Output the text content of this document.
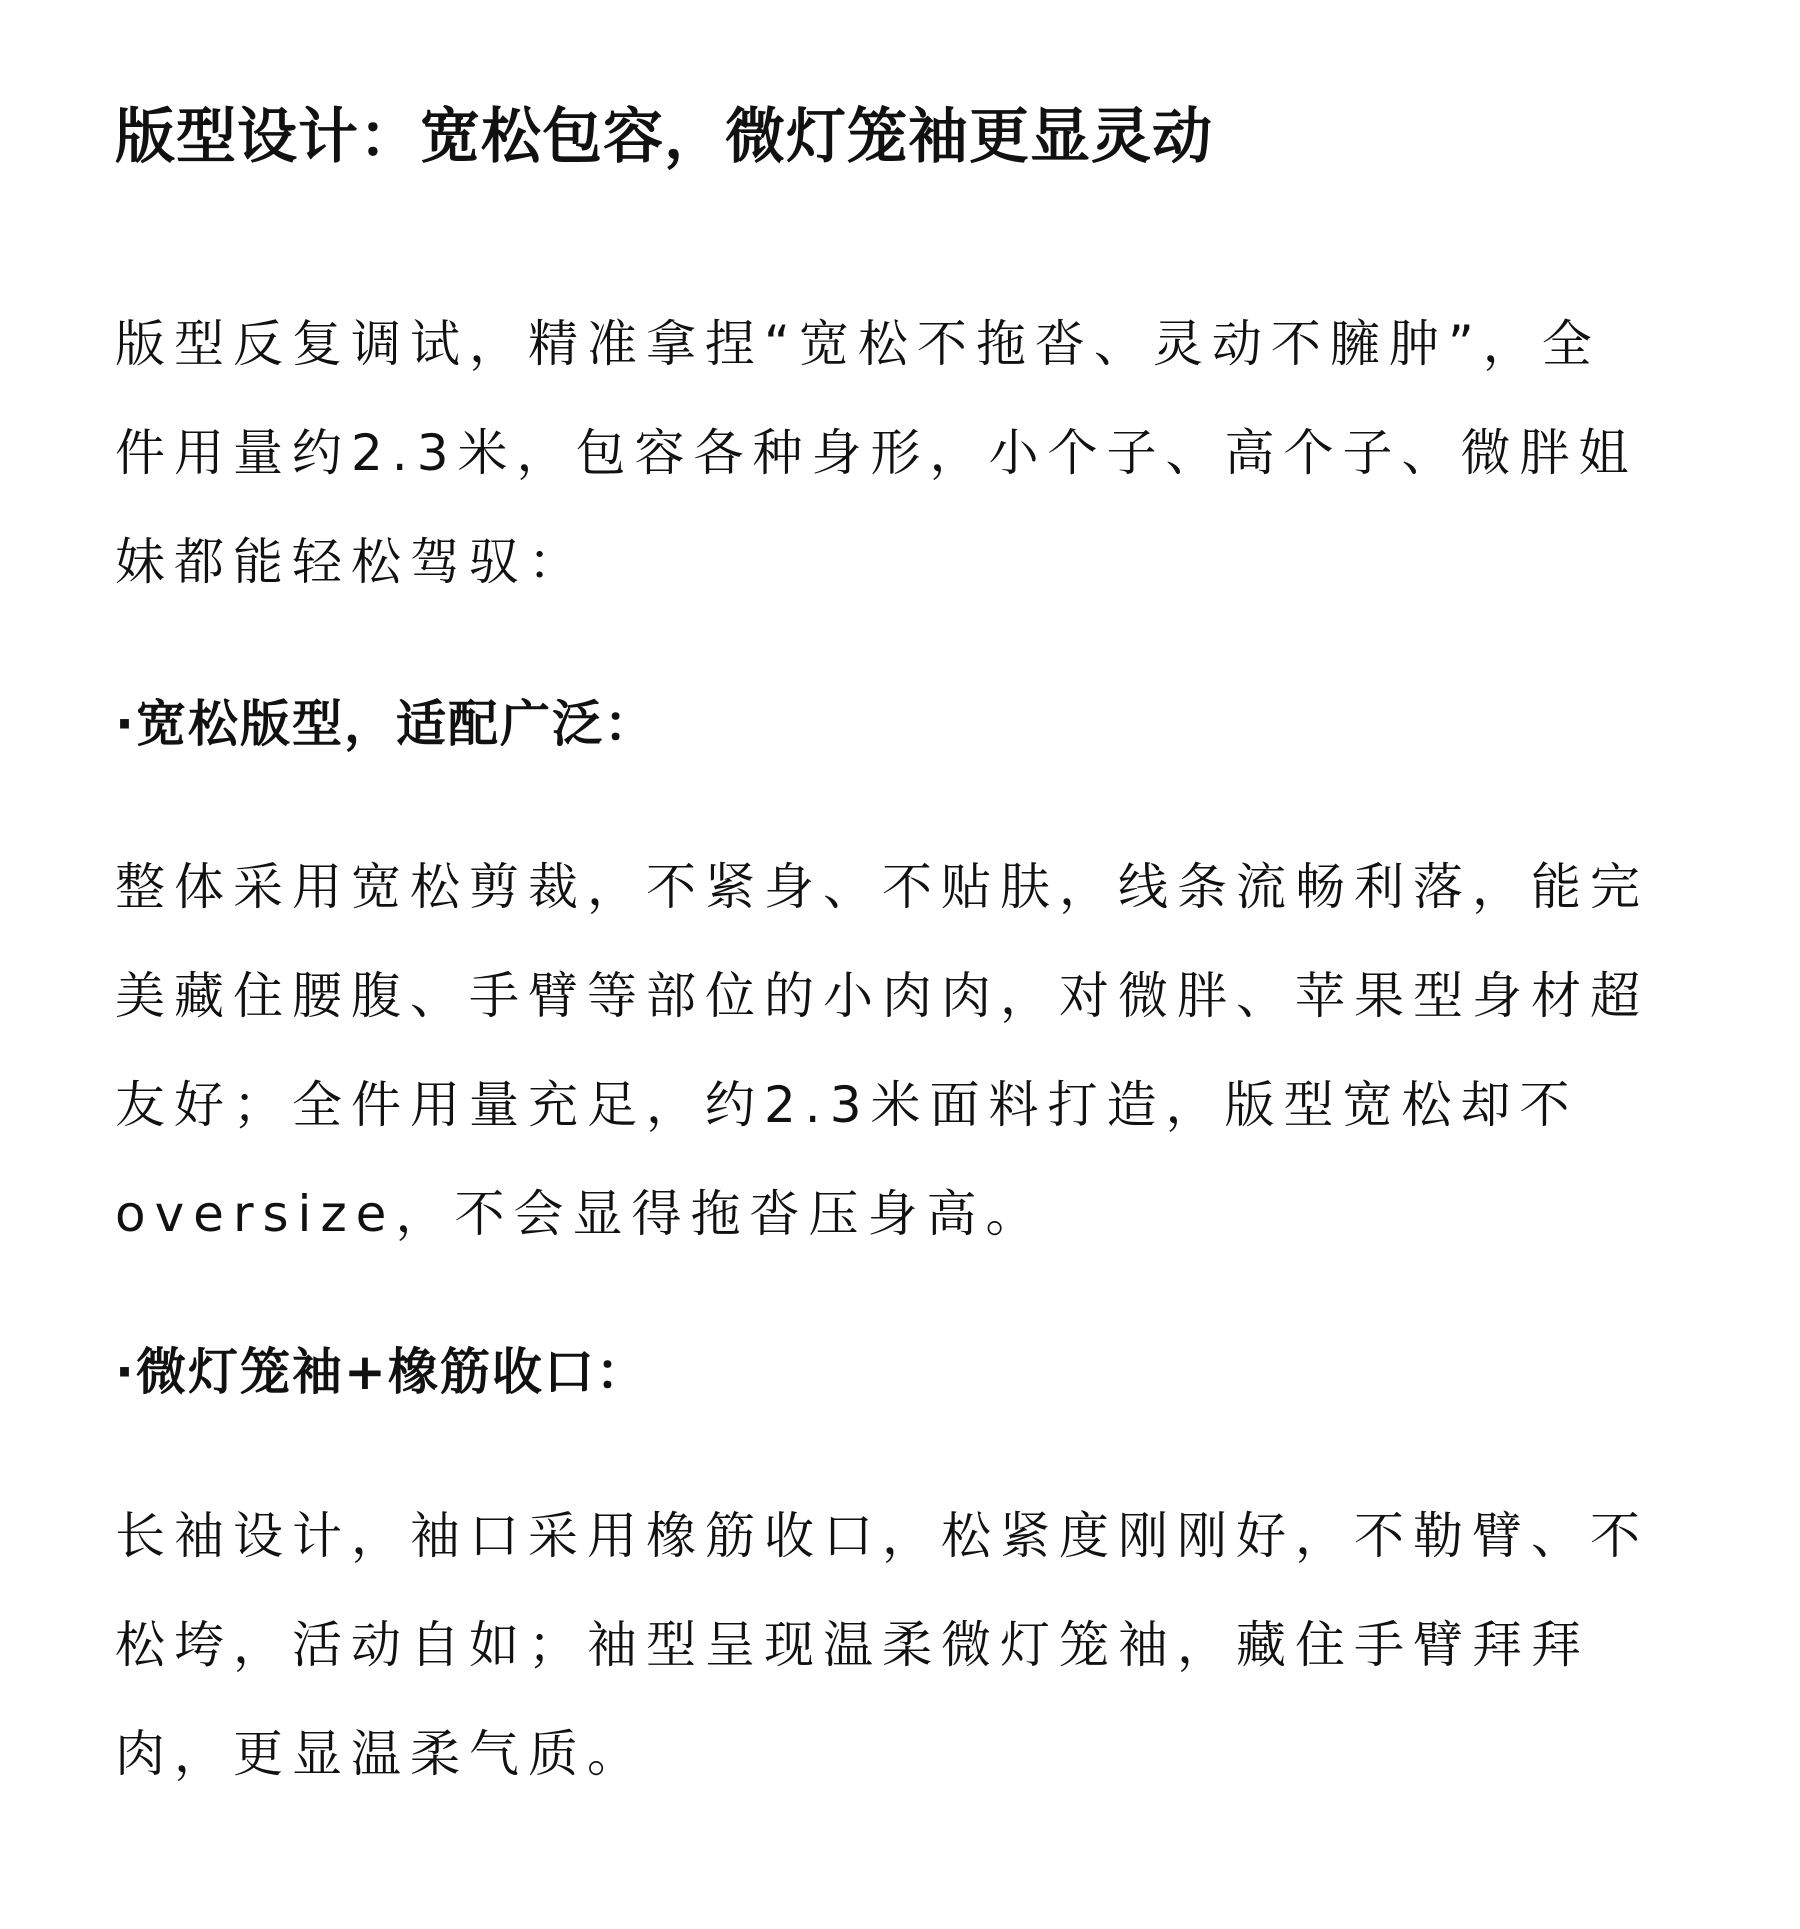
版型设计：宽松包容，微灯笼袖更显灵动

版型反复调试，精准拿捏“宽松不拖沓、灵动不臃肿”，全
件用量约2.3米，包容各种身形，小个子、高个子、微胖姐
妹都能轻松驾驭：

·宽松版型，适配广泛：

整体采用宽松剪裁，不紧身、不贴肤，线条流畅利落，能完
美藏住腰腹、手臂等部位的小肉肉，对微胖、苹果型身材超
友好；全件用量充足，约2.3米面料打造，版型宽松却不
oversize，不会显得拖沓压身高。

·微灯笼袖+橡筋收口：

长袖设计，袖口采用橡筋收口，松紧度刚刚好，不勒臂、不
松垮，活动自如；袖型呈现温柔微灯笼袖，藏住手臂拜拜
肉，更显温柔气质。
